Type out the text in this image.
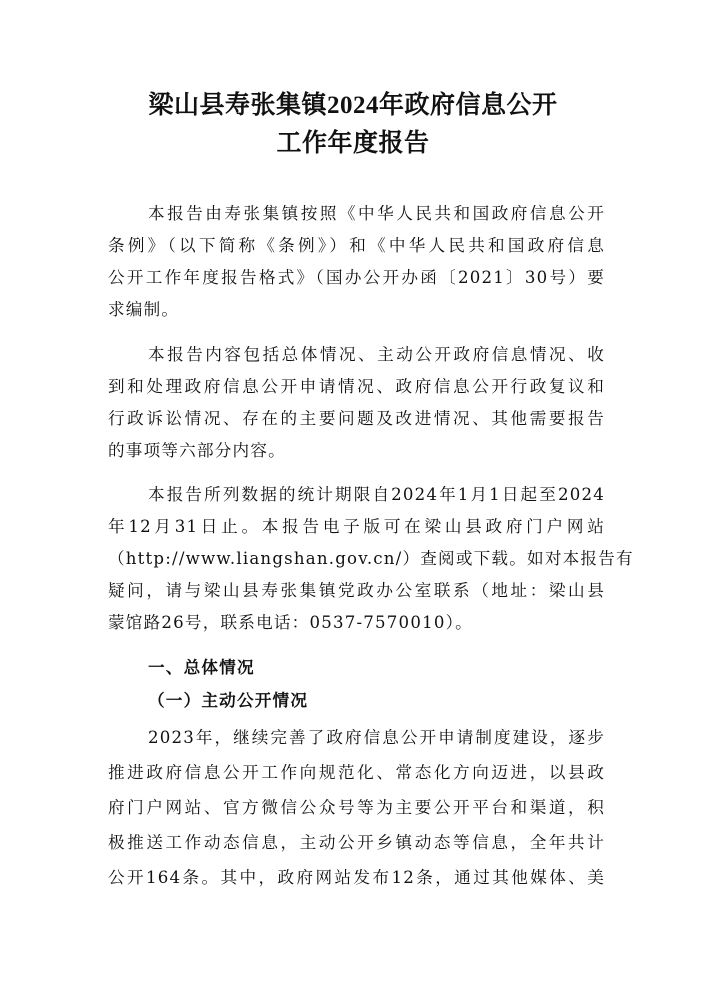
梁山县寿张集镇2024年政府信息公开
工作年度报告
本报告由寿张集镇按照《中华人民共和国政府信息公开
条例》（以下简称《条例》）和《中华人民共和国政府信息
公开工作年度报告格式》（国办公开办函〔2021〕30号）要
求编制。
本报告内容包括总体情况、主动公开政府信息情况、收
到和处理政府信息公开申请情况、政府信息公开行政复议和
行政诉讼情况、存在的主要问题及改进情况、其他需要报告
的事项等六部分内容。
本报告所列数据的统计期限自2024年1月1日起至2024
年12月31日止。本报告电子版可在梁山县政府门户网站
（http://www.liangshan.gov.cn/）查阅或下载。如对本报告有
疑问，请与梁山县寿张集镇党政办公室联系（地址：梁山县
蒙馆路26号，联系电话：0537-7570010）。
一、总体情况
（一）主动公开情况
2023年，继续完善了政府信息公开申请制度建设，逐步
推进政府信息公开工作向规范化、常态化方向迈进，以县政
府门户网站、官方微信公众号等为主要公开平台和渠道，积
极推送工作动态信息，主动公开乡镇动态等信息，全年共计
公开164条。其中，政府网站发布12条，通过其他媒体、美
